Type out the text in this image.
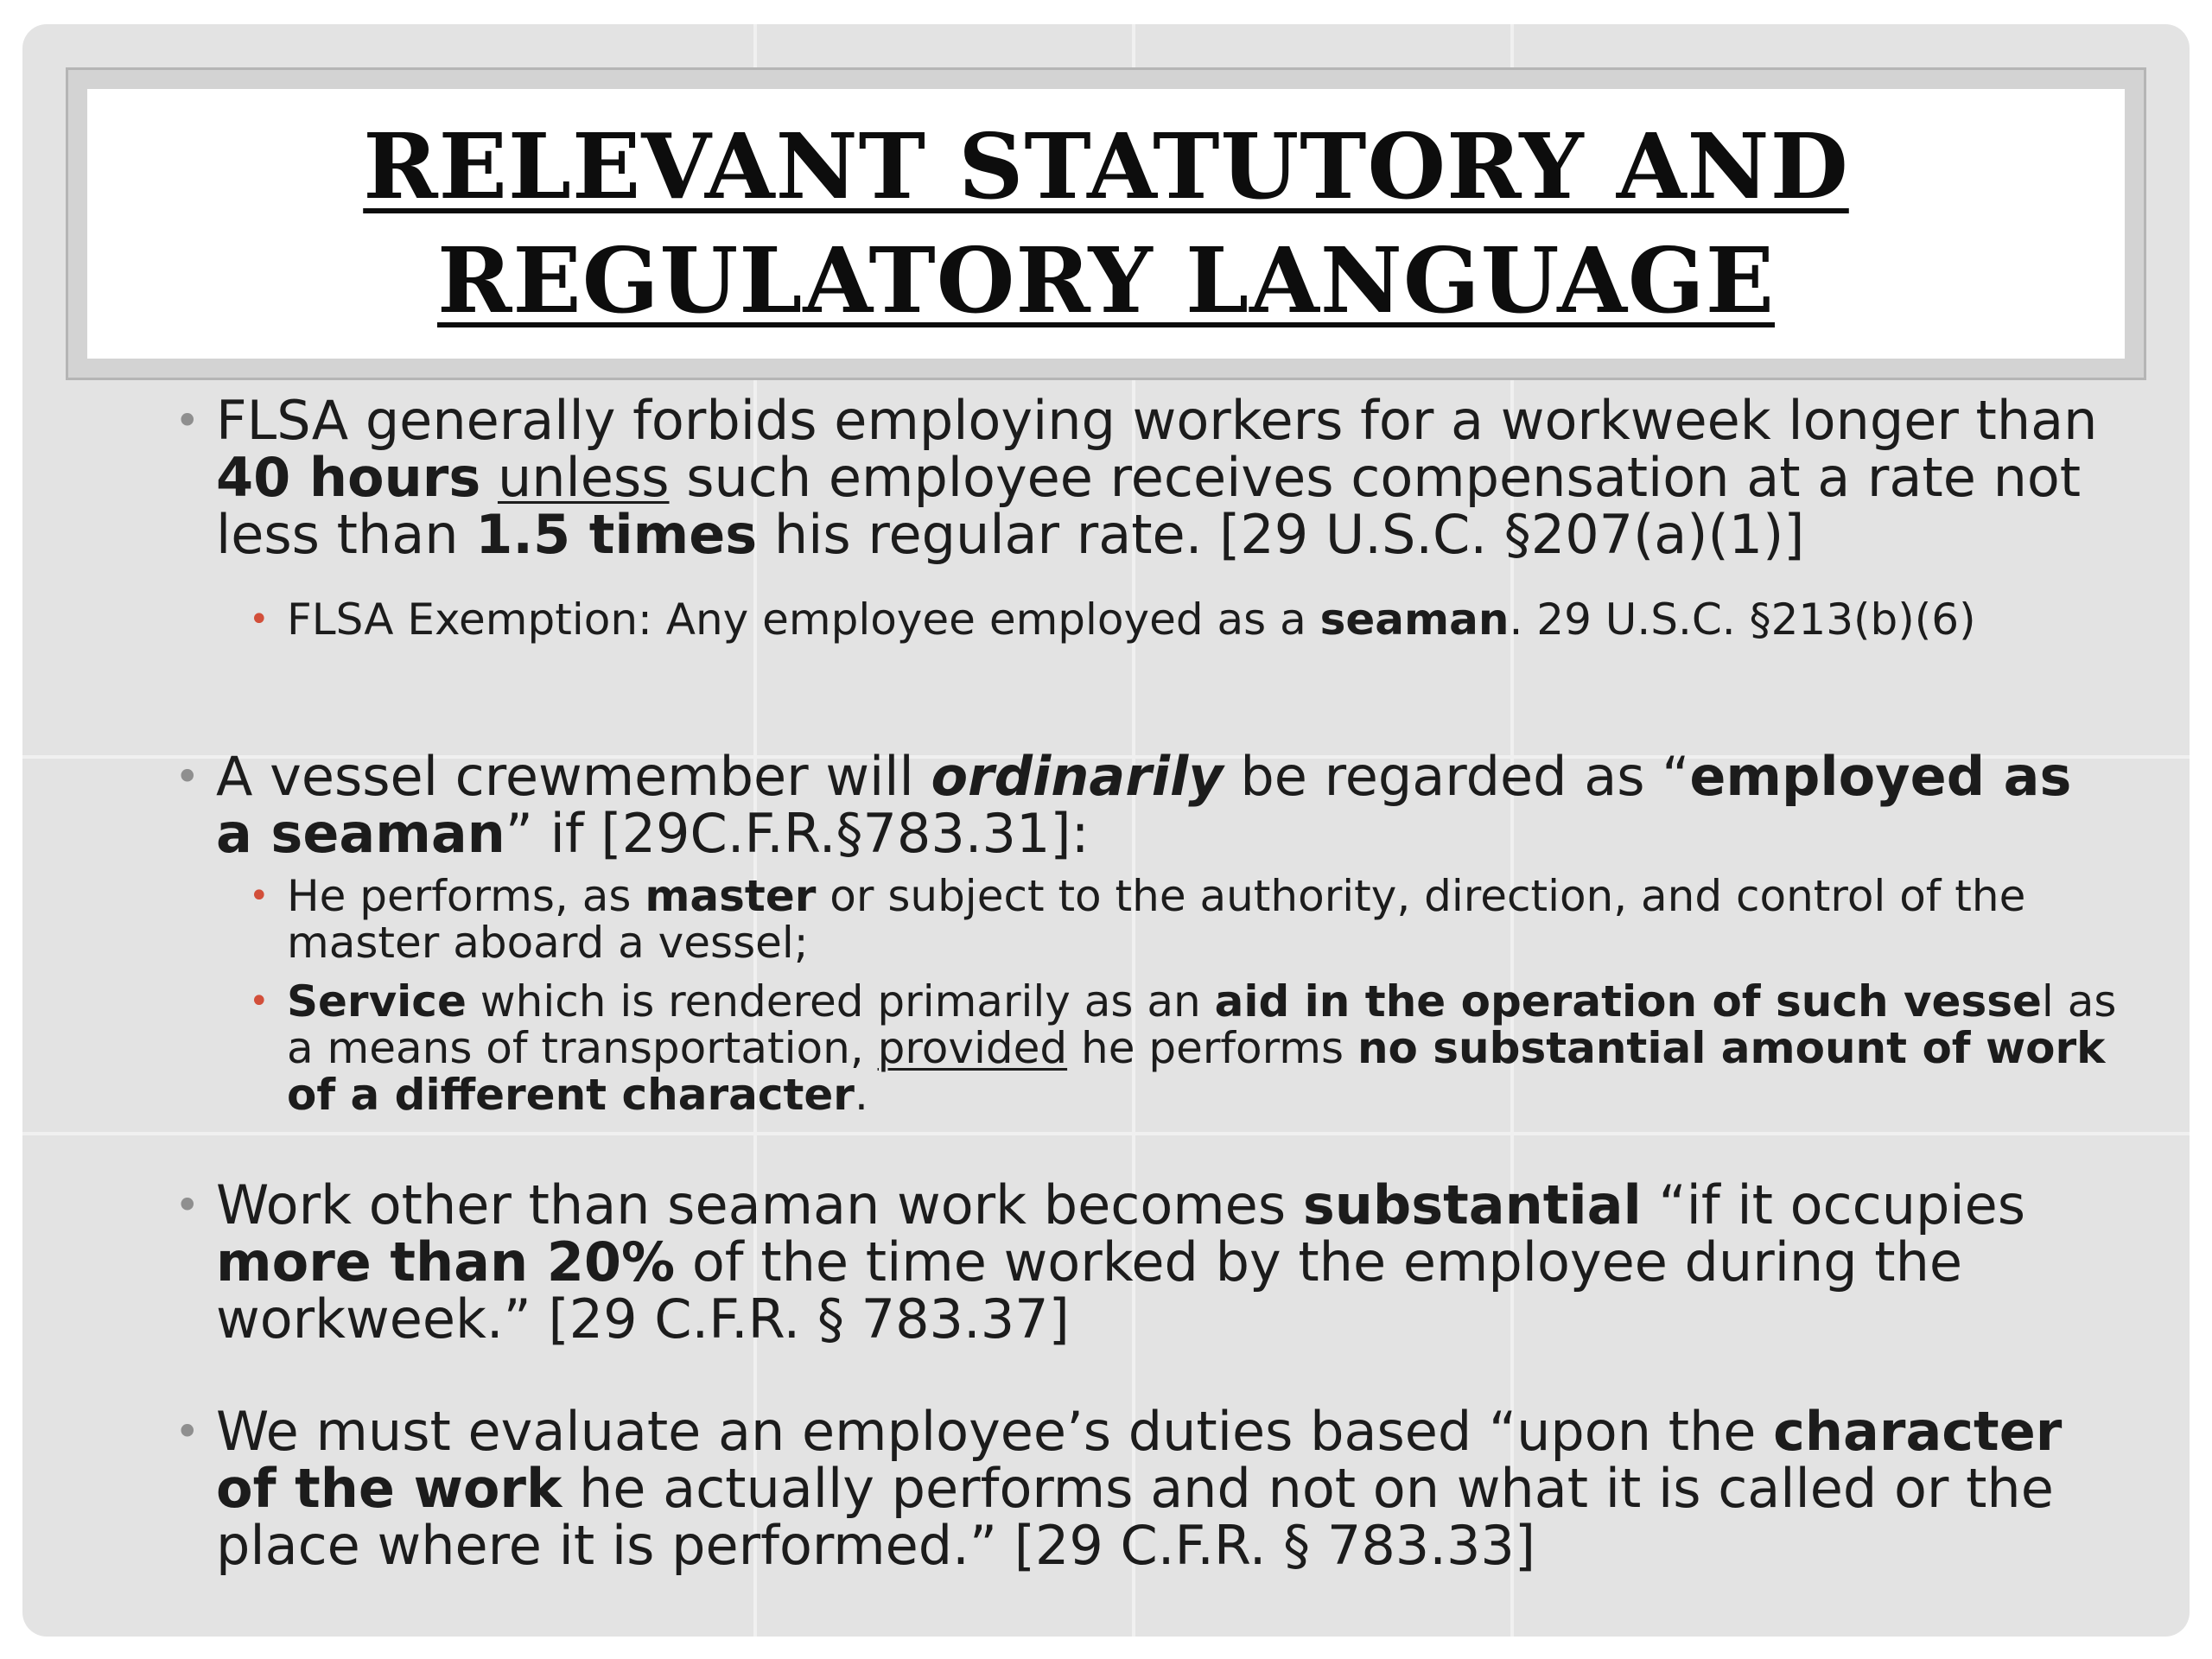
RELEVANT STATUTORY AND
REGULATORY LANGUAGE
• FLSA generally forbids employing workers for a workweek longer than 40 hours unless such employee receives compensation at a rate not less than 1.5 times his regular rate. [29 U.S.C. §207(a)(1)]
• FLSA Exemption: Any employee employed as a seaman. 29 U.S.C. §213(b)(6)
• A vessel crewmember will ordinarily be regarded as “employed as a seaman” if [29C.F.R.§783.31]:
• He performs, as master or subject to the authority, direction, and control of the master aboard a vessel;
• Service which is rendered primarily as an aid in the operation of such vessel as a means of transportation, provided he performs no substantial amount of work of a different character.
• Work other than seaman work becomes substantial “if it occupies more than 20% of the time worked by the employee during the workweek.” [29 C.F.R. § 783.37]
• We must evaluate an employee’s duties based “upon the character of the work he actually performs and not on what it is called or the place where it is performed.” [29 C.F.R. § 783.33]
